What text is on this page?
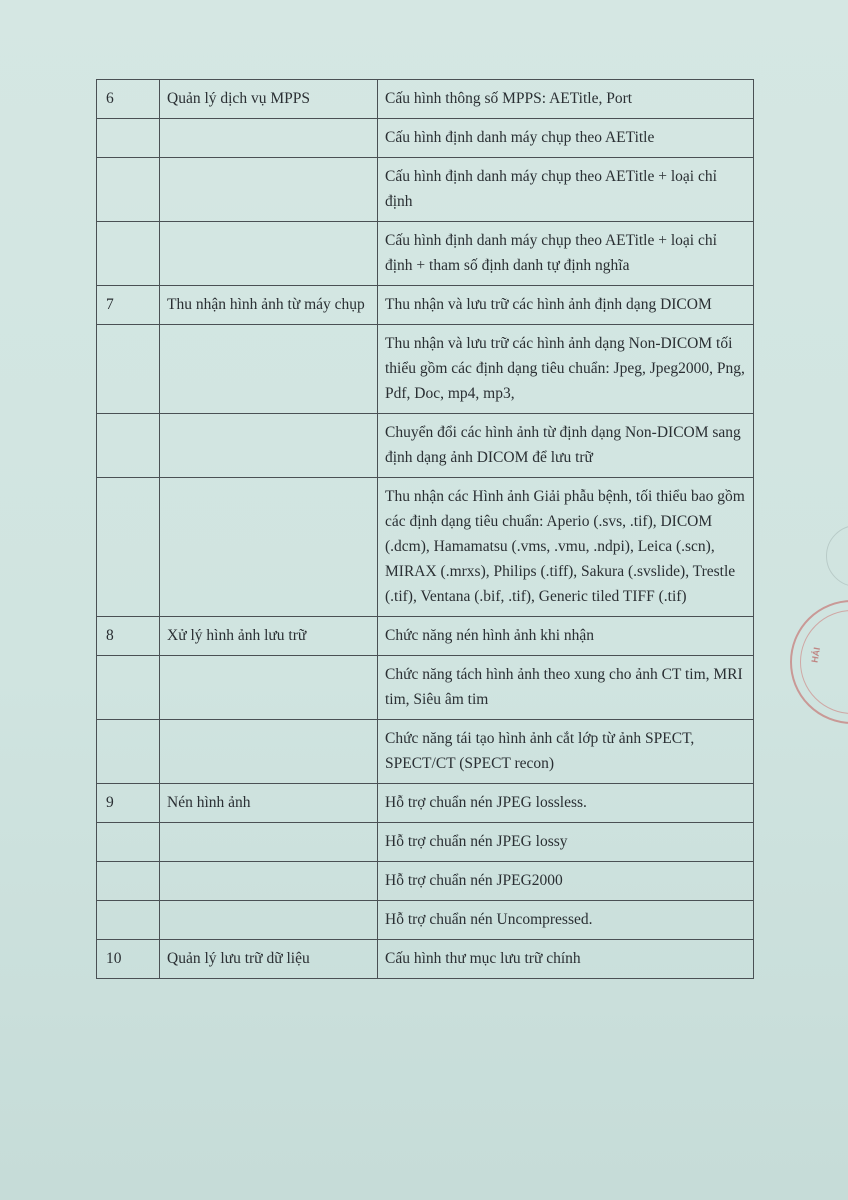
6	Quản lý dịch vụ MPPS	Cấu hình thông số MPPS: AETitle, Port
		Cấu hình định danh máy chụp theo AETitle
		Cấu hình định danh máy chụp theo AETitle + loại chỉ định
		Cấu hình định danh máy chụp theo AETitle + loại chỉ định + tham số định danh tự định nghĩa
7	Thu nhận hình ảnh từ máy chụp	Thu nhận và lưu trữ các hình ảnh định dạng DICOM
		Thu nhận và lưu trữ các hình ảnh dạng Non-DICOM tối thiểu gồm các định dạng tiêu chuẩn: Jpeg, Jpeg2000, Png, Pdf, Doc, mp4, mp3,
		Chuyển đổi các hình ảnh từ định dạng Non-DICOM sang định dạng ảnh DICOM để lưu trữ
		Thu nhận các Hình ảnh Giải phẫu bệnh, tối thiểu bao gồm các định dạng tiêu chuẩn: Aperio (.svs, .tif), DICOM (.dcm), Hamamatsu (.vms, .vmu, .ndpi), Leica (.scn), MIRAX (.mrxs), Philips (.tiff), Sakura (.svslide), Trestle (.tif), Ventana (.bif, .tif), Generic tiled TIFF (.tif)
8	Xử lý hình ảnh lưu trữ	Chức năng nén hình ảnh khi nhận
		Chức năng tách hình ảnh theo xung cho ảnh CT tim, MRI tim, Siêu âm tim
		Chức năng tái tạo hình ảnh cắt lớp từ ảnh SPECT, SPECT/CT (SPECT recon)
9	Nén hình ảnh	Hỗ trợ chuẩn nén JPEG lossless.
		Hỗ trợ chuẩn nén JPEG lossy
		Hỗ trợ chuẩn nén JPEG2000
		Hỗ trợ chuẩn nén Uncompressed.
10	Quản lý lưu trữ dữ liệu	Cấu hình thư mục lưu trữ chính
HẢI
